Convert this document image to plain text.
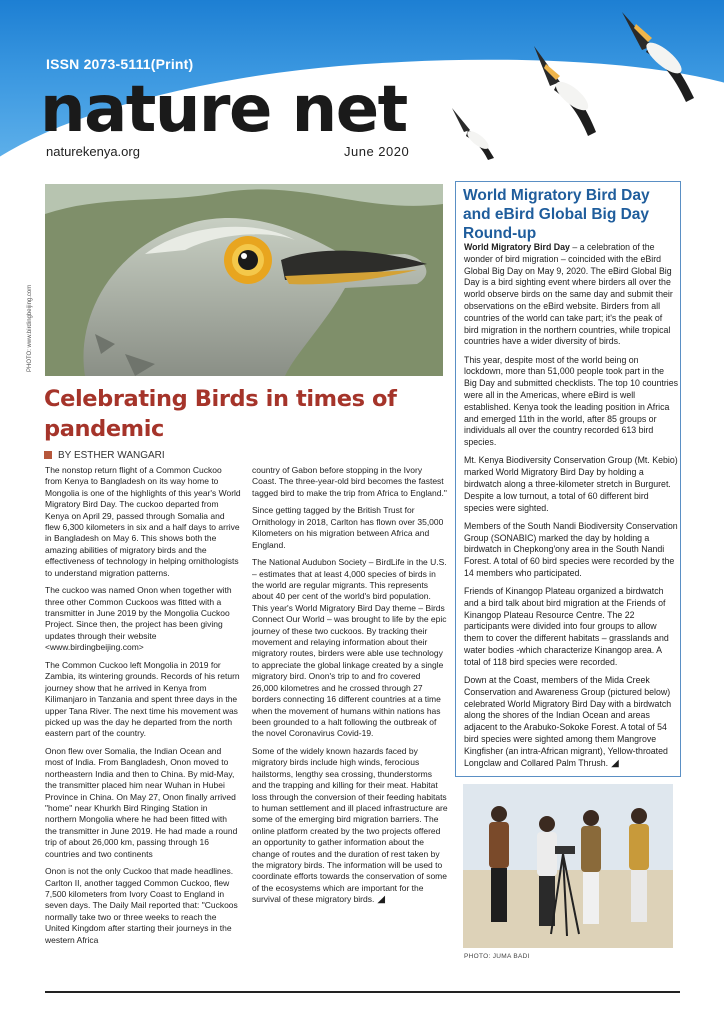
ISSN 2073-5111(Print)
nature net
naturekenya.org	June 2020
PHOTO: www.birdingbeijing.com
Celebrating Birds in times of pandemic
BY ESTHER WANGARI

The nonstop return flight of a Common Cuckoo from Kenya to Bangladesh on its way home to Mongolia is one of the highlights of this year's World Migratory Bird Day. The cuckoo departed from Kenya on April 29, passed through Somalia and flew 6,300 kilometers in six and a half days to arrive in Bangladesh on May 6. This shows both the amazing abilities of migratory birds and the effectiveness of technology in helping ornithologists to understand migration patterns.

The cuckoo was named Onon when together with three other Common Cuckoos was fitted with a transmitter in June 2019 by the Mongolia Cuckoo Project. Since then, the project has been giving updates through their website <www.birdingbeijing.com>

The Common Cuckoo left Mongolia in 2019 for Zambia, its wintering grounds. Records of his return journey show that he arrived in Kenya from Kilimanjaro in Tanzania and spent three days in the upper Tana River. The next time his movement was picked up was the day he departed from the north eastern part of the country.

Onon flew over Somalia, the Indian Ocean and most of India. From Bangladesh, Onon moved to northeastern India and then to China. By mid-May, the transmitter placed him near Wuhan in Hubei Province in China. On May 27, Onon finally arrived "home" near Khurkh Bird Ringing Station in northern Mongolia where he had been fitted with the transmitter in June 2019. He had made a round trip of about 26,000 km, passing through 16 countries and two continents

Onon is not the only Cuckoo that made headlines. Carlton II, another tagged Common Cuckoo, flew 7,500 kilometers from Ivory Coast to England in seven days. The Daily Mail reported that: "Cuckoos normally take two or three weeks to reach the United Kingdom after starting their journeys in the western Africa

country of Gabon before stopping in the Ivory Coast. The three-year-old bird becomes the fastest tagged bird to make the trip from Africa to England."

Since getting tagged by the British Trust for Ornithology in 2018, Carlton has flown over 35,000 Kilometers on his migration between Africa and England.

The National Audubon Society – BirdLife in the U.S. – estimates that at least 4,000 species of birds in the world are regular migrants. This represents about 40 per cent of the world's bird population. This year's World Migratory Bird Day theme – Birds Connect Our World – was brought to life by the epic journey of these two cuckoos. By tracking their movement and relaying information about their migratory routes, birders were able use technology to appreciate the global linkage created by a single migratory bird. Onon's trip to and fro covered 26,000 kilometres and he crossed through 27 borders connecting 16 different countries at a time when the movement of humans within nations has been grounded to a halt following the outbreak of the novel Coronavirus Covid-19.

Some of the widely known hazards faced by migratory birds include high winds, ferocious hailstorms, lengthy sea crossing, thunderstorms and the trapping and killing for their meat. Habitat loss through the conversion of their feeding habitats to human settlement and ill placed infrastructure are some of the emerging bird migration barriers. The online platform created by the two projects offered an opportunity to gather information about the change of routes and the duration of rest taken by the migratory birds. The information will be used to coordinate efforts towards the conservation of some of the ecosystems which are important for the survival of these migratory birds. ◢

World Migratory Bird Day and eBird Global Big Day Round-up

World Migratory Bird Day – a celebration of the wonder of bird migration – coincided with the eBird Global Big Day on May 9, 2020. The eBird Global Big Day is a bird sighting event where birders all over the world observe birds on the same day and submit their observations on the eBird website. Birders from all countries of the world can take part; it's the peak of bird migration in the northern countries, while tropical countries have a wider diversity of birds.

This year, despite most of the world being on lockdown, more than 51,000 people took part in the Big Day and submitted checklists. The top 10 countries were all in the Americas, where eBird is well established. Kenya took the leading position in Africa and emerged 11th in the world, after 85 groups or individuals all over the country recorded 613 bird species.

Mt. Kenya Biodiversity Conservation Group (Mt. Kebio) marked World Migratory Bird Day by holding a birdwatch along a three-kilometer stretch in Burguret. Despite a low turnout, a total of 60 different bird species were sighted.

Members of the South Nandi Biodiversity Conservation Group (SONABIC) marked the day by holding a birdwatch in Chepkong'ony area in the South Nandi Forest. A total of 60 bird species were recorded by the 14 members who participated.

Friends of Kinangop Plateau organized a birdwatch and a bird talk about bird migration at the Friends of Kinangop Plateau Resource Centre. The 22 participants were divided into four groups to allow them to cover the different habitats – grasslands and water bodies -which characterize Kinangop area. A total of 118 bird species were recorded.

Down at the Coast, members of the Mida Creek Conservation and Awareness Group (pictured below) celebrated World Migratory Bird Day with a birdwatch along the shores of the Indian Ocean and areas adjacent to the Arabuko-Sokoke Forest. A total of 54 bird species were sighted among them Mangrove Kingfisher (an intra-African migrant), Yellow-throated Longclaw and Collared Palm Thrush. ◢

PHOTO: JUMA BADI
